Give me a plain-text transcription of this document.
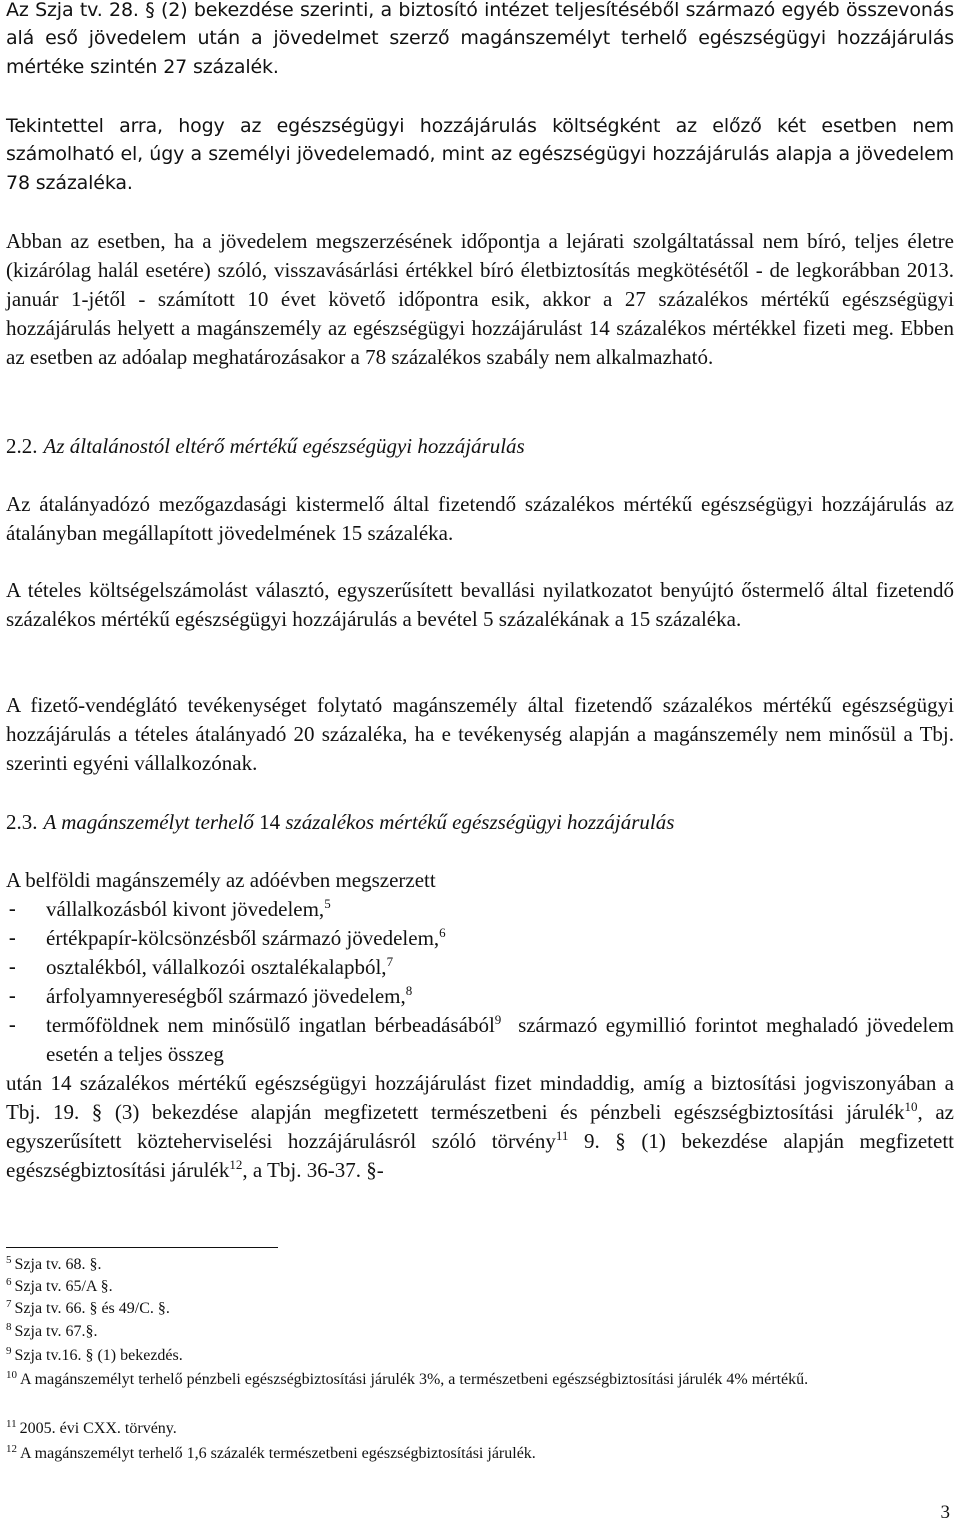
Az Szja tv. 28. § (2) bekezdése szerinti, a biztosító intézet teljesítéséből származó egyéb összevonás alá eső jövedelem után a jövedelmet szerző magánszemélyt terhelő egészségügyi hozzájárulás mértéke szintén 27 százalék.

Tekintettel arra, hogy az egészségügyi hozzájárulás költségként az előző két esetben nem számolható el, úgy a személyi jövedelemadó, mint az egészségügyi hozzájárulás alapja a jövedelem 78 százaléka.

Abban az esetben, ha a jövedelem megszerzésének időpontja a lejárati szolgáltatással nem bíró, teljes életre (kizárólag halál esetére) szóló, visszavásárlási értékkel bíró életbiztosítás megkötésétől - de legkorábban 2013. január 1-jétől - számított 10 évet követő időpontra esik, akkor a 27 százalékos mértékű egészségügyi hozzájárulás helyett a magánszemély az egészségügyi hozzájárulást 14 százalékos mértékkel fizeti meg. Ebben az esetben az adóalap meghatározásakor a 78 százalékos szabály nem alkalmazható.

2.2. Az általánostól eltérő mértékű egészségügyi hozzájárulás

Az átalányadózó mezőgazdasági kistermelő által fizetendő százalékos mértékű egészségügyi hozzájárulás az átalányban megállapított jövedelmének 15 százaléka.

A tételes költségelszámolást választó, egyszerűsített bevallási nyilatkozatot benyújtó őstermelő által fizetendő százalékos mértékű egészségügyi hozzájárulás a bevétel 5 százalékának a 15 százaléka.

A fizető-vendéglátó tevékenységet folytató magánszemély által fizetendő százalékos mértékű egészségügyi hozzájárulás a tételes átalányadó 20 százaléka, ha e tevékenység alapján a magánszemély nem minősül a Tbj. szerinti egyéni vállalkozónak.

2.3. A magánszemélyt terhelő 14 százalékos mértékű egészségügyi hozzájárulás

A belföldi magánszemély az adóévben megszerzett

- vállalkozásból kivont jövedelem,$^5$
- értékpapír-kölcsönzésből származó jövedelem,$^6$
- osztalékból, vállalkozói osztalékalapból,$^7$
- árfolyamnyereségből származó jövedelem,$^8$
- termőföldnek nem minősülő ingatlan bérbeadásából$^9$ származó egymillió forintot meghaladó jövedelem esetén a teljes összeg

után 14 százalékos mértékű egészségügyi hozzájárulást fizet mindaddig, amíg a biztosítási jogviszonyában a Tbj. 19. § (3) bekezdése alapján megfizetett természetbeni és pénzbeli egészségbiztosítási járulék$^{10}$, az egyszerűsített közteherviselési hozzájárulásról szóló törvény$^{11}$ 9. § (1) bekezdése alapján megfizetett egészségbiztosítási járulék$^{12}$, a Tbj. 36-37. §-

$^5$ Szja tv. 68. §.
$^6$ Szja tv. 65/A §.
$^7$ Szja tv. 66. § és 49/C. §.
$^8$ Szja tv. 67.§.
$^9$ Szja tv.16. § (1) bekezdés.
$^{10}$ A magánszemélyt terhelő pénzbeli egészségbiztosítási járulék 3%, a természetbeni egészségbiztosítási járulék 4% mértékű.
$^{11}$ 2005. évi CXX. törvény.
$^{12}$ A magánszemélyt terhelő 1,6 százalék természetbeni egészségbiztosítási járulék.
3
